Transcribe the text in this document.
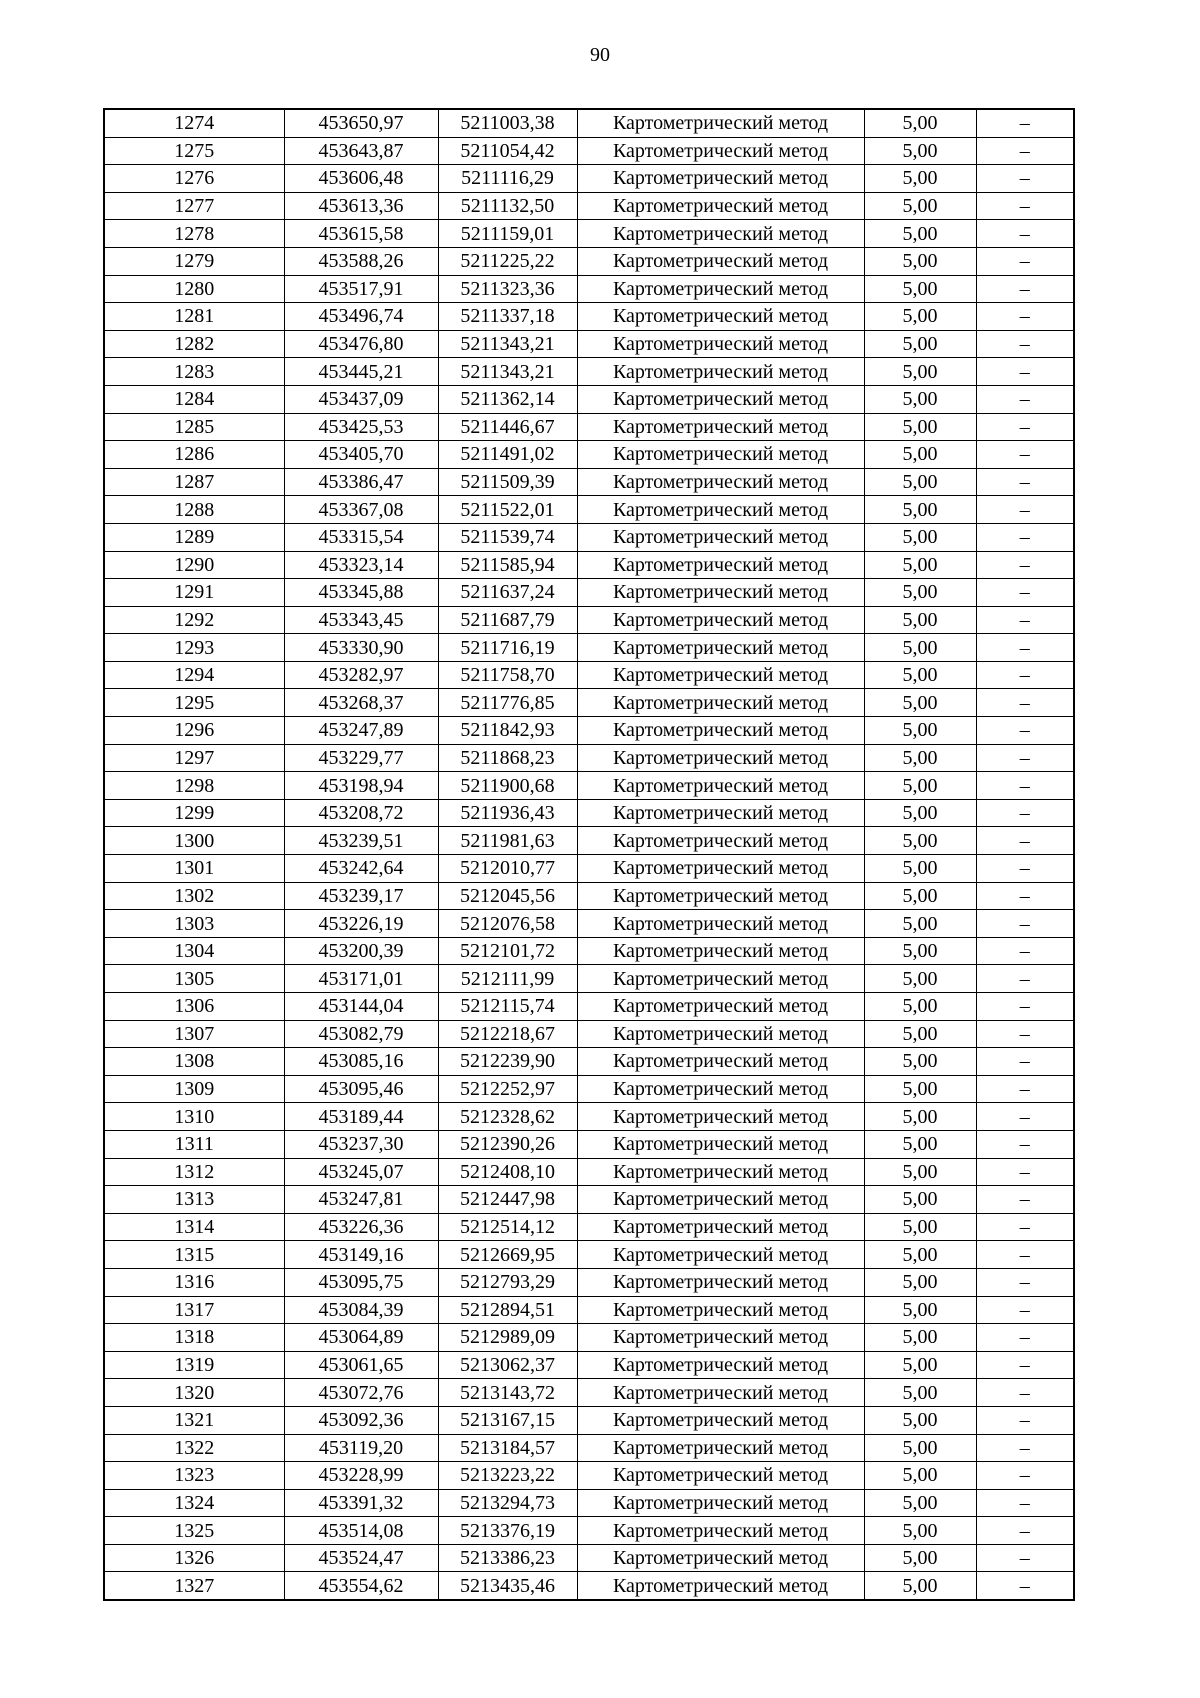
90
1274	453650,97	5211003,38	Картометрический метод	5,00	–
1275	453643,87	5211054,42	Картометрический метод	5,00	–
1276	453606,48	5211116,29	Картометрический метод	5,00	–
1277	453613,36	5211132,50	Картометрический метод	5,00	–
1278	453615,58	5211159,01	Картометрический метод	5,00	–
1279	453588,26	5211225,22	Картометрический метод	5,00	–
1280	453517,91	5211323,36	Картометрический метод	5,00	–
1281	453496,74	5211337,18	Картометрический метод	5,00	–
1282	453476,80	5211343,21	Картометрический метод	5,00	–
1283	453445,21	5211343,21	Картометрический метод	5,00	–
1284	453437,09	5211362,14	Картометрический метод	5,00	–
1285	453425,53	5211446,67	Картометрический метод	5,00	–
1286	453405,70	5211491,02	Картометрический метод	5,00	–
1287	453386,47	5211509,39	Картометрический метод	5,00	–
1288	453367,08	5211522,01	Картометрический метод	5,00	–
1289	453315,54	5211539,74	Картометрический метод	5,00	–
1290	453323,14	5211585,94	Картометрический метод	5,00	–
1291	453345,88	5211637,24	Картометрический метод	5,00	–
1292	453343,45	5211687,79	Картометрический метод	5,00	–
1293	453330,90	5211716,19	Картометрический метод	5,00	–
1294	453282,97	5211758,70	Картометрический метод	5,00	–
1295	453268,37	5211776,85	Картометрический метод	5,00	–
1296	453247,89	5211842,93	Картометрический метод	5,00	–
1297	453229,77	5211868,23	Картометрический метод	5,00	–
1298	453198,94	5211900,68	Картометрический метод	5,00	–
1299	453208,72	5211936,43	Картометрический метод	5,00	–
1300	453239,51	5211981,63	Картометрический метод	5,00	–
1301	453242,64	5212010,77	Картометрический метод	5,00	–
1302	453239,17	5212045,56	Картометрический метод	5,00	–
1303	453226,19	5212076,58	Картометрический метод	5,00	–
1304	453200,39	5212101,72	Картометрический метод	5,00	–
1305	453171,01	5212111,99	Картометрический метод	5,00	–
1306	453144,04	5212115,74	Картометрический метод	5,00	–
1307	453082,79	5212218,67	Картометрический метод	5,00	–
1308	453085,16	5212239,90	Картометрический метод	5,00	–
1309	453095,46	5212252,97	Картометрический метод	5,00	–
1310	453189,44	5212328,62	Картометрический метод	5,00	–
1311	453237,30	5212390,26	Картометрический метод	5,00	–
1312	453245,07	5212408,10	Картометрический метод	5,00	–
1313	453247,81	5212447,98	Картометрический метод	5,00	–
1314	453226,36	5212514,12	Картометрический метод	5,00	–
1315	453149,16	5212669,95	Картометрический метод	5,00	–
1316	453095,75	5212793,29	Картометрический метод	5,00	–
1317	453084,39	5212894,51	Картометрический метод	5,00	–
1318	453064,89	5212989,09	Картометрический метод	5,00	–
1319	453061,65	5213062,37	Картометрический метод	5,00	–
1320	453072,76	5213143,72	Картометрический метод	5,00	–
1321	453092,36	5213167,15	Картометрический метод	5,00	–
1322	453119,20	5213184,57	Картометрический метод	5,00	–
1323	453228,99	5213223,22	Картометрический метод	5,00	–
1324	453391,32	5213294,73	Картометрический метод	5,00	–
1325	453514,08	5213376,19	Картометрический метод	5,00	–
1326	453524,47	5213386,23	Картометрический метод	5,00	–
1327	453554,62	5213435,46	Картометрический метод	5,00	–
